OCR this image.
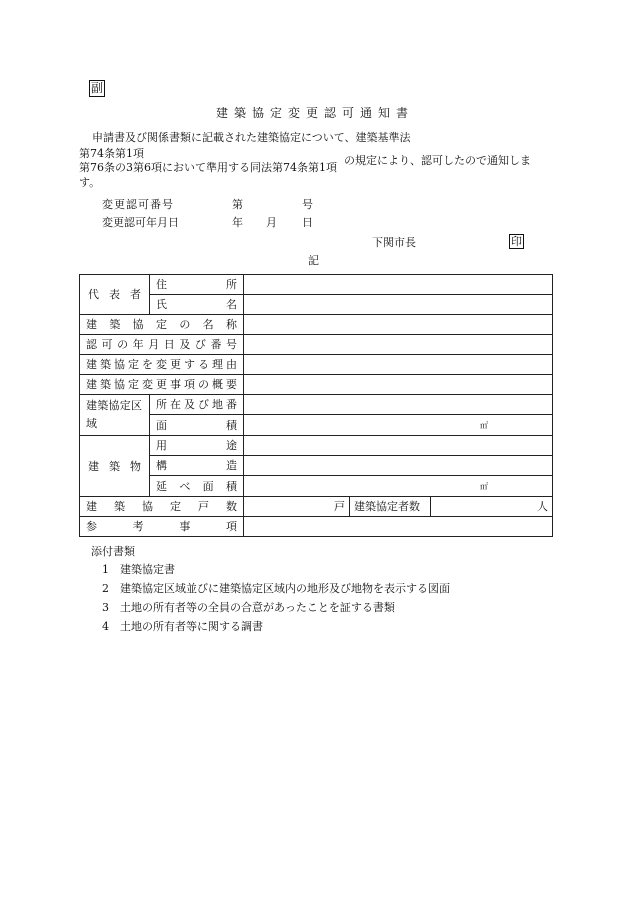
副
建築協定変更認可通知書
申請書及び関係書類に記載された建築協定について、建築基準法
第74条第1項
第76条の3第6項において準用する同法第74条第1項
の規定により、認可したので通知しま
す。
変更認可番号	第	号
変更認可年月日	年 月 日
下関市長	印
記
代表者	住所			

	氏名			

建築協定の名称				

認可の年月日及び番号				

建築協定を変更する理由				

建築協定変更事項の概要				

建築協定区域	所在及び地番			

	面積	㎡		

建築物	用途			

	構造			

	延べ面積	㎡		

建築協定戸数		戸	建築協定者数	人

参考事項				

添付書類
1 建築協定書
2 建築協定区域並びに建築協定区域内の地形及び地物を表示する図面
3 土地の所有者等の全員の合意があったことを証する書類
4 土地の所有者等に関する調書
